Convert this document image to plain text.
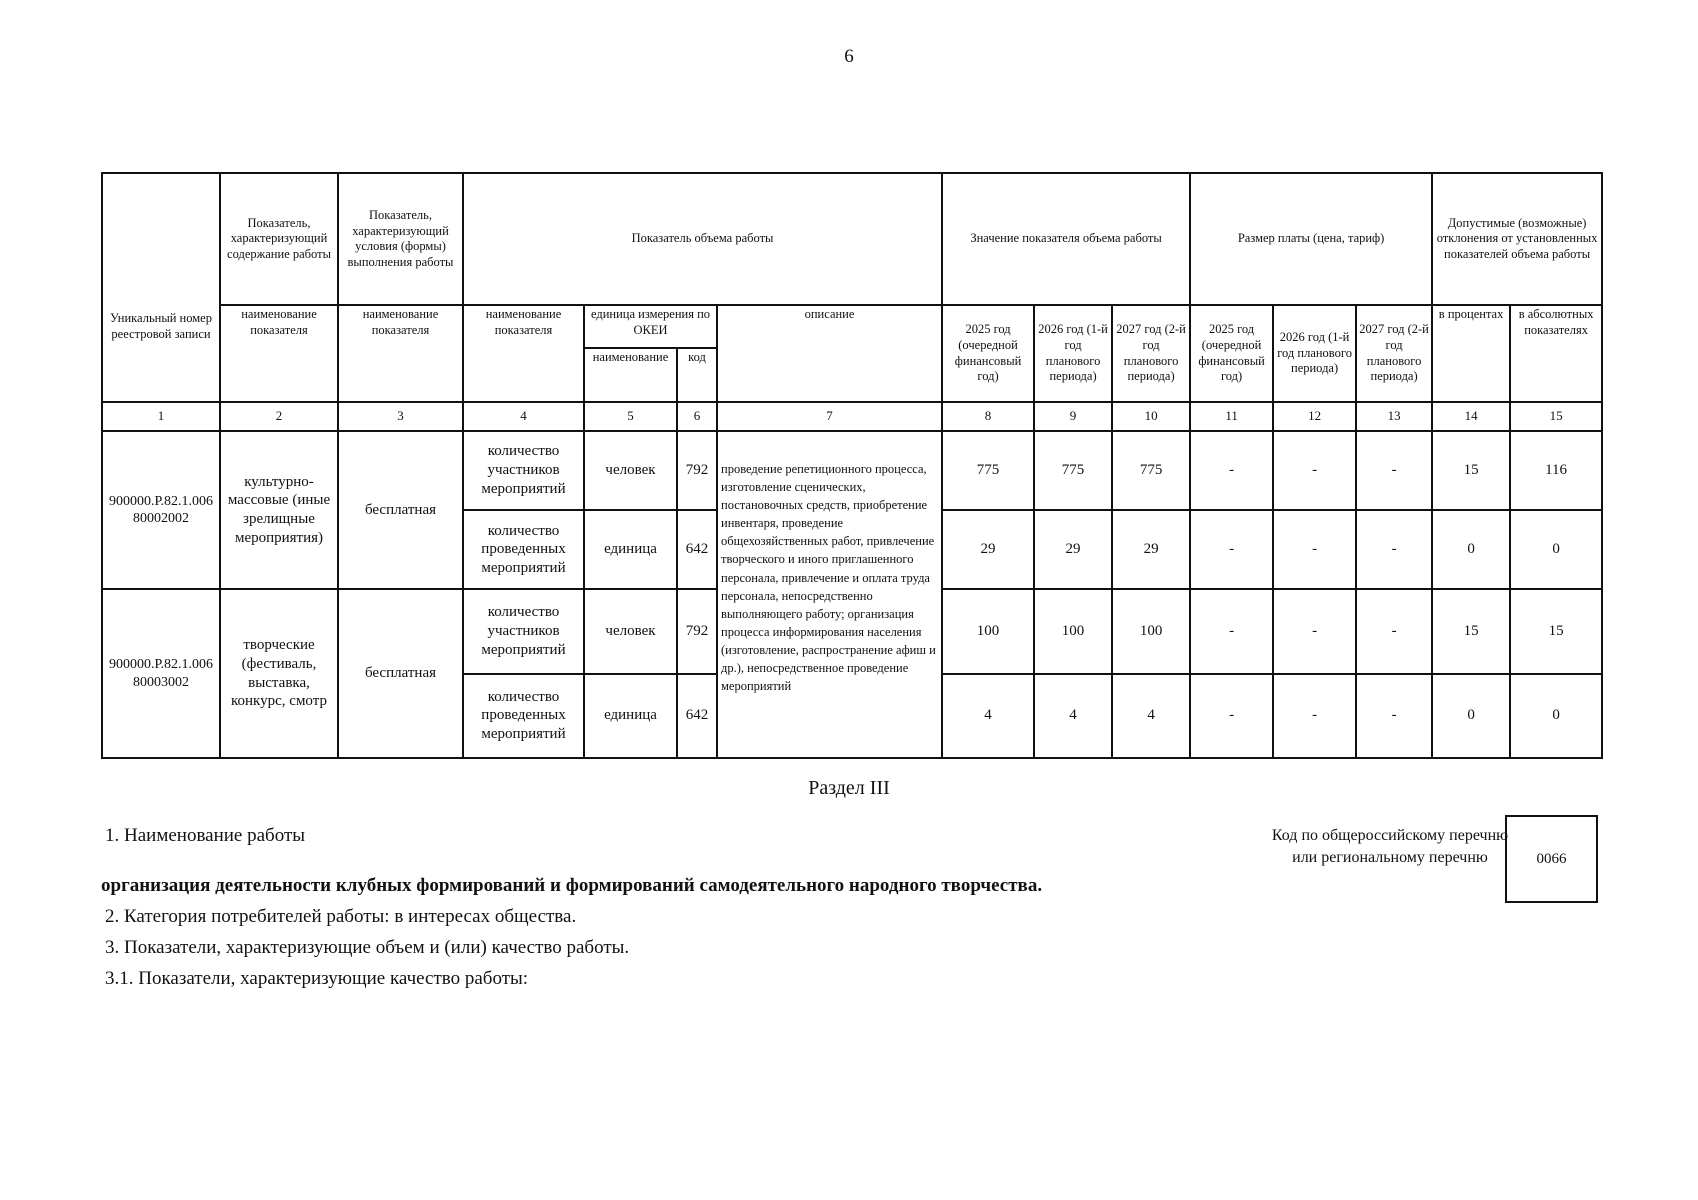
6
Уникальный номер реестровой записи	Показатель, характеризующий содержание работы	Показатель, характеризующий условия (формы) выполнения работы	Показатель объема работы				Значение показателя объема работы			Размер платы (цена, тариф)			Допустимые (возможные) отклонения от установленных показателей объема работы	
	наименование показателя	наименование показателя	наименование показателя	единица измерения по ОКЕИ		описание	2025 год (очередной финансовый год)	2026 год (1-й год планового периода)	2027 год (2-й год планового периода)	2025 год (очередной финансовый год)	2026 год (1-й год планового периода)	2027 год (2-й год планового периода)	в процентах	в абсолютных показателях
				наименование	код									
1	2	3	4	5	6	7	8	9	10	11	12	13	14	15
900000.Р.82.1.006 80002002	культурно-массовые (иные зрелищные мероприятия)	бесплатная	количество участников мероприятий	человек	792	проведение репетиционного процесса, изготовление сценических, постановочных средств, приобретение инвентаря, проведение общехозяйственных работ, привлечение творческого и иного приглашенного персонала, привлечение и оплата труда персонала, непосредственно выполняющего работу; организация процесса информирования населения (изготовление, распространение афиш и др.), непосредственное проведение мероприятий	775	775	775	-	-	-	15	116
			количество проведенных мероприятий	единица	642		29	29	29	-	-	-	0	0
900000.Р.82.1.006 80003002	творческие (фестиваль, выставка, конкурс, смотр	бесплатная	количество участников мероприятий	человек	792		100	100	100	-	-	-	15	15
			количество проведенных мероприятий	единица	642		4	4	4	-	-	-	0	0
Раздел III
1. Наименование работы
организация деятельности клубных формирований и формирований самодеятельного народного творчества.
2. Категория потребителей работы: в интересах общества.
3. Показатели, характеризующие объем и (или) качество работы.
3.1. Показатели, характеризующие качество работы:
Код по общероссийскому перечню или региональному перечню	0066
